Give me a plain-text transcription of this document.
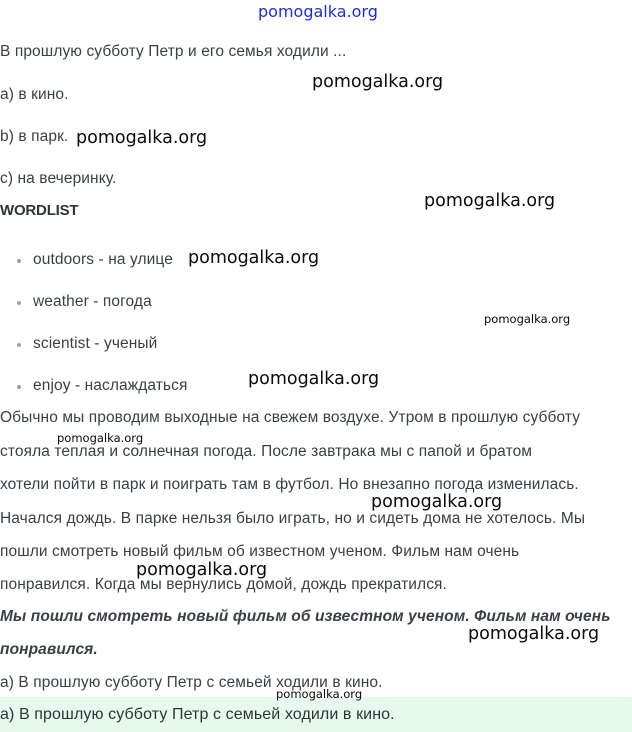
В прошлую субботу Петр и его семья ходили ...
a) в кино.
b) в парк.
c) на вечеринку.
WORDLIST
outdoors - на улице
weather - погода
scientist - ученый
enjoy - наслаждаться
Обычно мы проводим выходные на свежем воздухе. Утром в прошлую субботу
стояла теплая и солнечная погода. После завтрака мы с папой и братом
хотели пойти в парк и поиграть там в футбол. Но внезапно погода изменилась.
Начался дождь. В парке нельзя было играть, но и сидеть дома не хотелось. Мы
пошли смотреть новый фильм об известном ученом. Фильм нам очень
понравился. Когда мы вернулись домой, дождь прекратился.
Мы пошли смотреть новый фильм об известном ученом. Фильм нам очень
понравился.
a) В прошлую субботу Петр с семьей ходили в кино.
a) В прошлую субботу Петр с семьей ходили в кино.
pomogalka.org
pomogalka.org
pomogalka.org
pomogalka.org
pomogalka.org
pomogalka.org
pomogalka.org
pomogalka.org
pomogalka.org
pomogalka.org
pomogalka.org
pomogalka.org
